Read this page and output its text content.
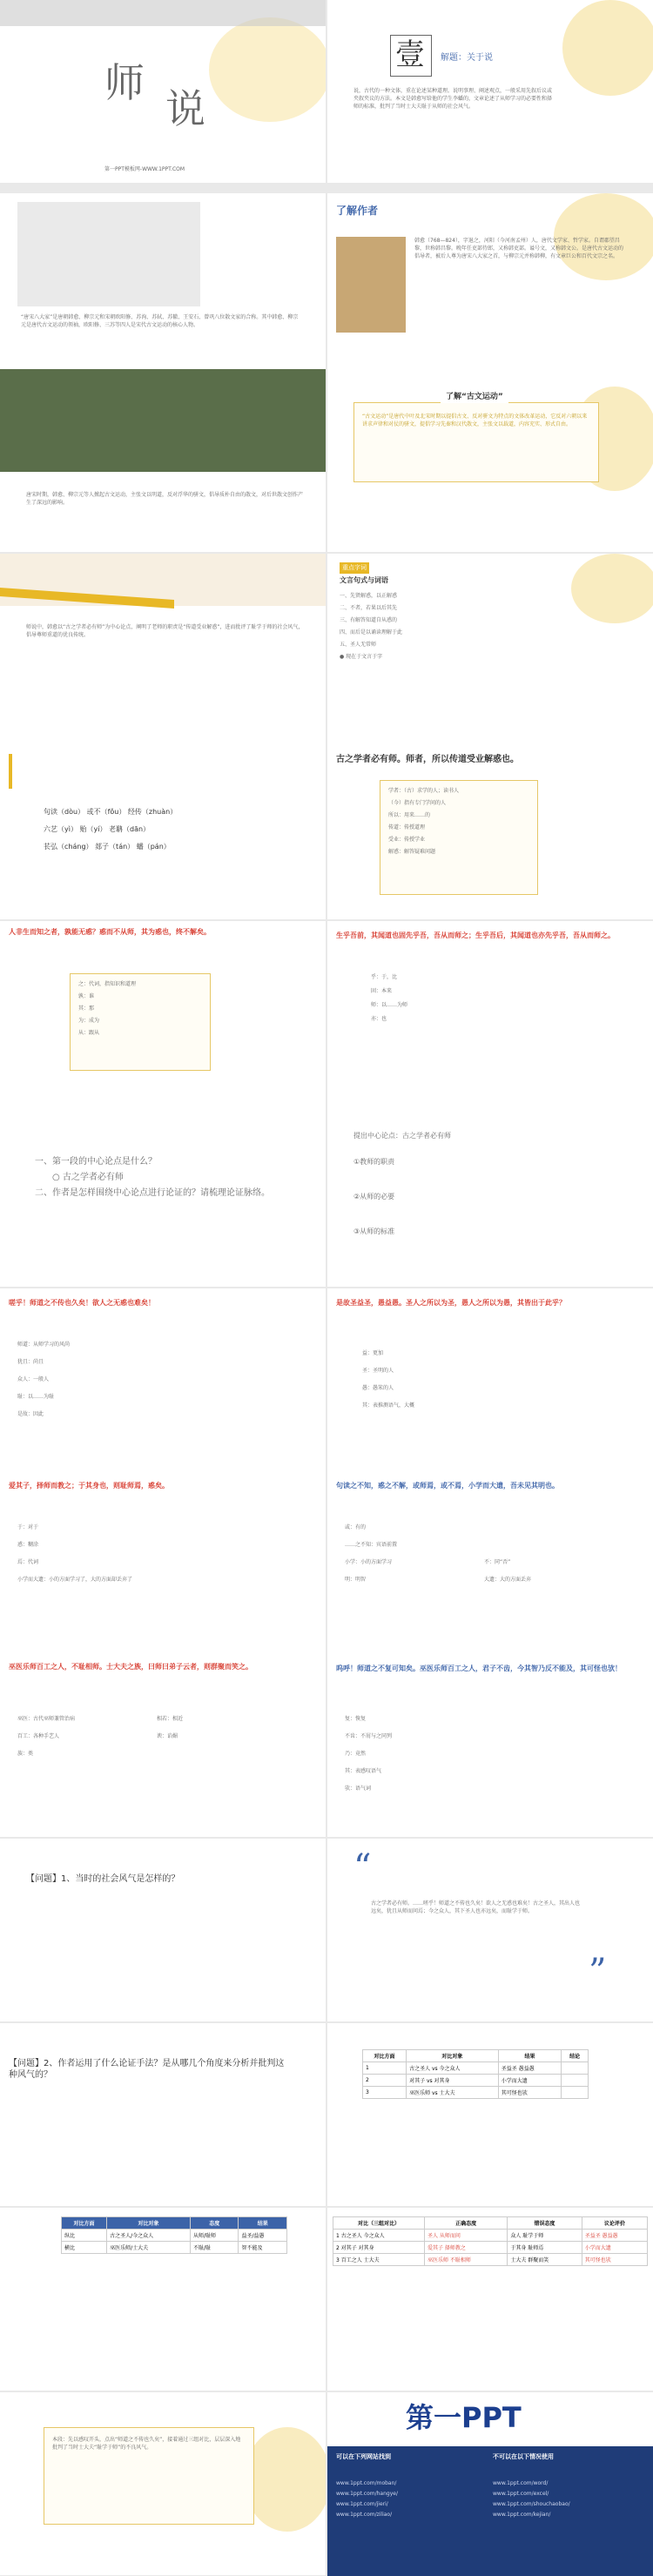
师
说
第一PPT模板网-WWW.1PPT.COM
壹 解题：关于说
说，古代的一种文体，重在论述某种道理。说明事理、阐述观点，一般采用先叙后议或夹叙夹议的方法。本文是韩愈写给他的学生李蟠的，文章论述了从师学习的必要性和择师的标准，批判了当时士大夫耻于从师的社会风气。
“唐宋八大家”是唐朝韩愈、柳宗元和宋朝欧阳修、苏洵、苏轼、苏辙、王安石、曾巩八位散文家的合称。其中韩愈、柳宗元是唐代古文运动的领袖，欧阳修、三苏等四人是宋代古文运动的核心人物。
了解作者
韩愈（768—824），字退之，河阳（今河南孟州）人，唐代文学家、哲学家。自谓郡望昌黎，世称韩昌黎。晚年任吏部侍郎，又称韩吏部。谥号文，又称韩文公。是唐代古文运动的倡导者，被后人尊为唐宋八大家之首，与柳宗元并称韩柳，有文章巨公和百代文宗之名。
唐宋时期，韩愈、柳宗元等人掀起古文运动，主张文以明道，反对浮华的骈文，倡导质朴自由的散文，对后世散文创作产生了深远的影响。
了解“古文运动”
“古文运动”是唐代中叶及北宋时期以提倡古文、反对骈文为特点的文体改革运动，它反对六朝以来讲求声律和对仗的骈文，提倡学习先秦和汉代散文，主张文以载道，内容充实、形式自由。
师说中，韩愈以“古之学者必有师”为中心论点，阐明了老师的职责是“传道受业解惑”，进而批评了耻学于师的社会风气，倡导尊师重道的优良传统。
重点字词
文言句式与词语
一、先贤解惑，以正解惑
二、不者，若果以后其先
三、有解答知道自从惑的
四、而后是以诵读理解于此
五、圣人无常师
● 现在于文言于字
句读（dòu） 或不（fǒu） 经传（zhuàn）
六艺（yì） 贻（yí） 老聃（dān）
苌弘（cháng） 郯子（tán） 蟠（pán）
古之学者必有师。师者，所以传道受业解惑也。
学者：（古）求学的人；读书人
（今）指有专门学问的人
所以：用来……的
传道：传授道理
受业：传授学业
解惑：解答疑难问题
人非生而知之者，孰能无惑？惑而不从师，其为惑也，终不解矣。
之：代词，指知识和道理
孰：谁
其：那
为：成为
从：跟从
生乎吾前，其闻道也固先乎吾，吾从而师之；生乎吾后，其闻道也亦先乎吾，吾从而师之。
乎：于，比
固：本来
师：以……为师
亦：也
一、第一段的中心论点是什么？
○ 古之学者必有师
二、作者是怎样围绕中心论点进行论证的？请梳理论证脉络。
提出中心论点：古之学者必有师
①教师的职责
②从师的必要
③从师的标准
嗟乎！师道之不传也久矣！欲人之无惑也难矣！
师道：从师学习的风尚
犹且：尚且
众人：一般人
耻：以……为耻
是故：因此
是故圣益圣，愚益愚。圣人之所以为圣，愚人之所以为愚，其皆出于此乎？
益：更加
圣：圣明的人
愚：愚笨的人
其：表推测语气，大概
爱其子，择师而教之；于其身也，则耻师焉，惑矣。
于：对于
惑：糊涂
焉：代词
小学而大遗：小的方面学习了，大的方面却丢弃了
句读之不知，惑之不解，或师焉，或不焉，小学而大遗，吾未见其明也。
或：有的
……之不知：宾语前置
小学：小的方面学习	不：同“否”
明：明智	大遗：大的方面丢弃
巫医乐师百工之人，不耻相师。士大夫之族，曰师曰弟子云者，则群聚而笑之。
巫医：古代巫师兼管治病
百工：各种手艺人
族：类
相若：相近
谀：谄媚
呜呼！师道之不复可知矣。巫医乐师百工之人，君子不齿，今其智乃反不能及，其可怪也欤！
复：恢复
不齿：不屑与之同列
乃：竟然
其：表感叹语气
欤：语气词
【问题】1、当时的社会风气是怎样的？	“
古之学者必有师。……嗟乎！师道之不传也久矣！欲人之无惑也难矣！古之圣人，其出人也远矣，犹且从师而问焉；今之众人，其下圣人也亦远矣，而耻学于师。
”
【问题】2、作者运用了什么论证手法？是从哪几个角度来分析并批判这种风气的？
对比方面	对比对象	结果	结论
1	古之圣人 vs 今之众人	圣益圣 愚益愚	
2	对其子 vs 对其身	小学而大遗	
3	巫医乐师 vs 士大夫	其可怪也欤	
对比方面	对比对象	态度	结果
纵比	古之圣人/今之众人	从师/耻师	益圣/益愚
横比	巫医乐师/士大夫	不耻/耻	智不能及
对比（三组对比）	正确态度	错误态度	议论评价
1 古之圣人 今之众人	圣人 从师而问	众人 耻学于师	圣益圣 愚益愚
2 对其子 对其身	爱其子 择师教之	于其身 耻师焉	小学而大遗
3 百工之人 士大夫	巫医乐师 不耻相师	士大夫 群聚而笑	其可怪也欤
本段：先以感叹开头，点出“师道之不传也久矣”，接着通过三组对比，层层深入地批判了当时士大夫“耻学于师”的不良风气。
第一PPT
可以在下列网站找到	不可以在以下情况使用
www.1ppt.com/moban/
www.1ppt.com/hangye/
www.1ppt.com/jieri/
www.1ppt.com/ziliao/
www.1ppt.com/word/
www.1ppt.com/excel/
www.1ppt.com/shouchaobao/
www.1ppt.com/kejian/
